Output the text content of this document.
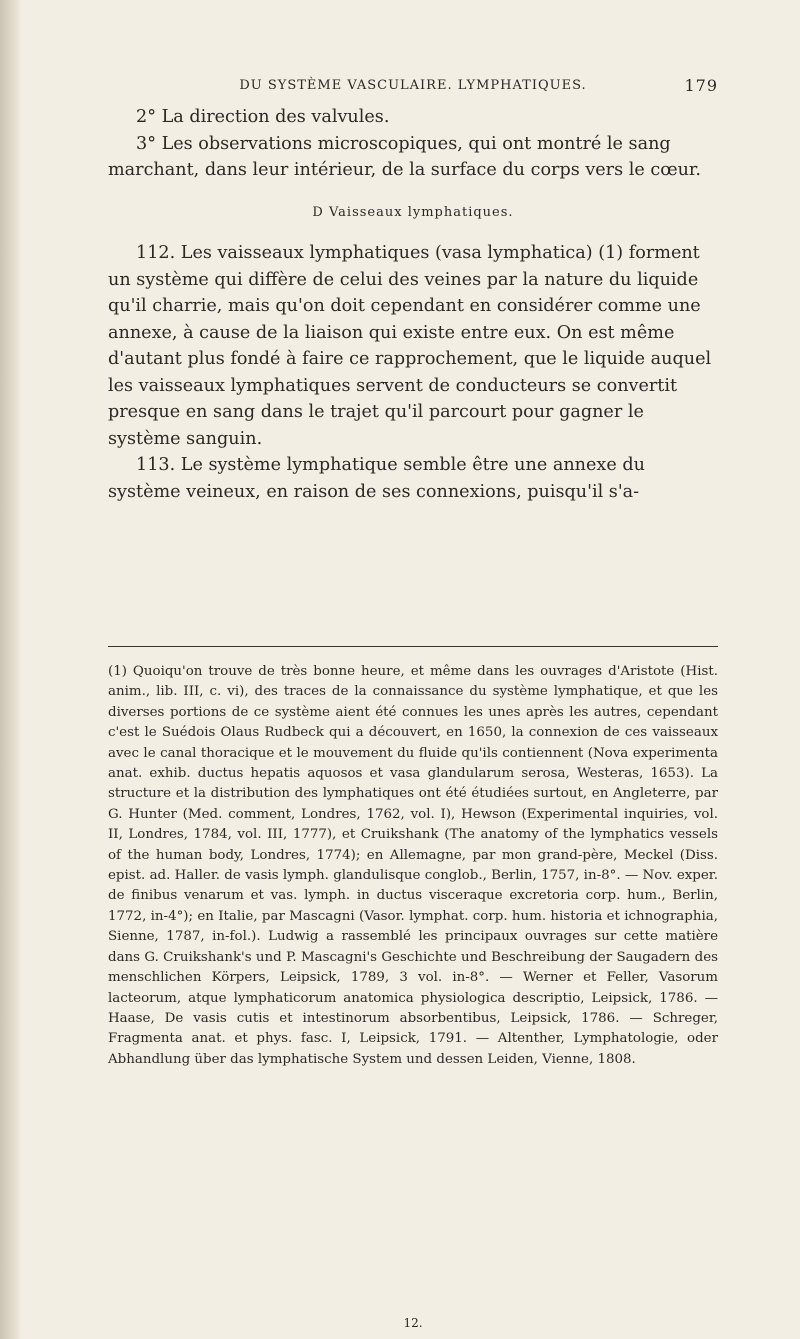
DU SYSTÈME VASCULAIRE. LYMPHATIQUES.	179

2° La direction des valvules.

3° Les observations microscopiques, qui ont montré le sang marchant, dans leur intérieur, de la surface du corps vers le cœur.

D Vaisseaux lymphatiques.

112. Les vaisseaux lymphatiques (vasa lymphatica) (1) forment un système qui diffère de celui des veines par la nature du liquide qu'il charrie, mais qu'on doit cependant en considérer comme une annexe, à cause de la liaison qui existe entre eux. On est même d'autant plus fondé à faire ce rapprochement, que le liquide auquel les vaisseaux lymphatiques servent de conducteurs se convertit presque en sang dans le trajet qu'il parcourt pour gagner le système sanguin.

113. Le système lymphatique semble être une annexe du système veineux, en raison de ses connexions, puisqu'il s'a-

(1) Quoiqu'on trouve de très bonne heure, et même dans les ouvrages d'Aristote (Hist. anim., lib. III, c. vi), des traces de la connaissance du système lymphatique, et que les diverses portions de ce système aient été connues les unes après les autres, cependant c'est le Suédois Olaus Rudbeck qui a découvert, en 1650, la connexion de ces vaisseaux avec le canal thoracique et le mouvement du fluide qu'ils contiennent (Nova experimenta anat. exhib. ductus hepatis aquosos et vasa glandularum serosa, Westeras, 1653). La structure et la distribution des lymphatiques ont été étudiées surtout, en Angleterre, par G. Hunter (Med. comment, Londres, 1762, vol. I), Hewson (Experimental inquiries, vol. II, Londres, 1784, vol. III, 1777), et Cruikshank (The anatomy of the lymphatics vessels of the human body, Londres, 1774); en Allemagne, par mon grand-père, Meckel (Diss. epist. ad. Haller. de vasis lymph. glandulisque conglob., Berlin, 1757, in-8°. — Nov. exper. de finibus venarum et vas. lymph. in ductus visceraque excretoria corp. hum., Berlin, 1772, in-4°); en Italie, par Mascagni (Vasor. lymphat. corp. hum. historia et ichnographia, Sienne, 1787, in-fol.). Ludwig a rassemblé les principaux ouvrages sur cette matière dans G. Cruikshank's und P. Mascagni's Geschichte und Beschreibung der Saugadern des menschlichen Körpers, Leipsick, 1789, 3 vol. in-8°. — Werner et Feller, Vasorum lacteorum, atque lymphaticorum anatomica physiologica descriptio, Leipsick, 1786. — Haase, De vasis cutis et intestinorum absorbentibus, Leipsick, 1786. — Schreger, Fragmenta anat. et phys. fasc. I, Leipsick, 1791. — Altenther, Lymphatologie, oder Abhandlung über das lymphatische System und dessen Leiden, Vienne, 1808.

12.
